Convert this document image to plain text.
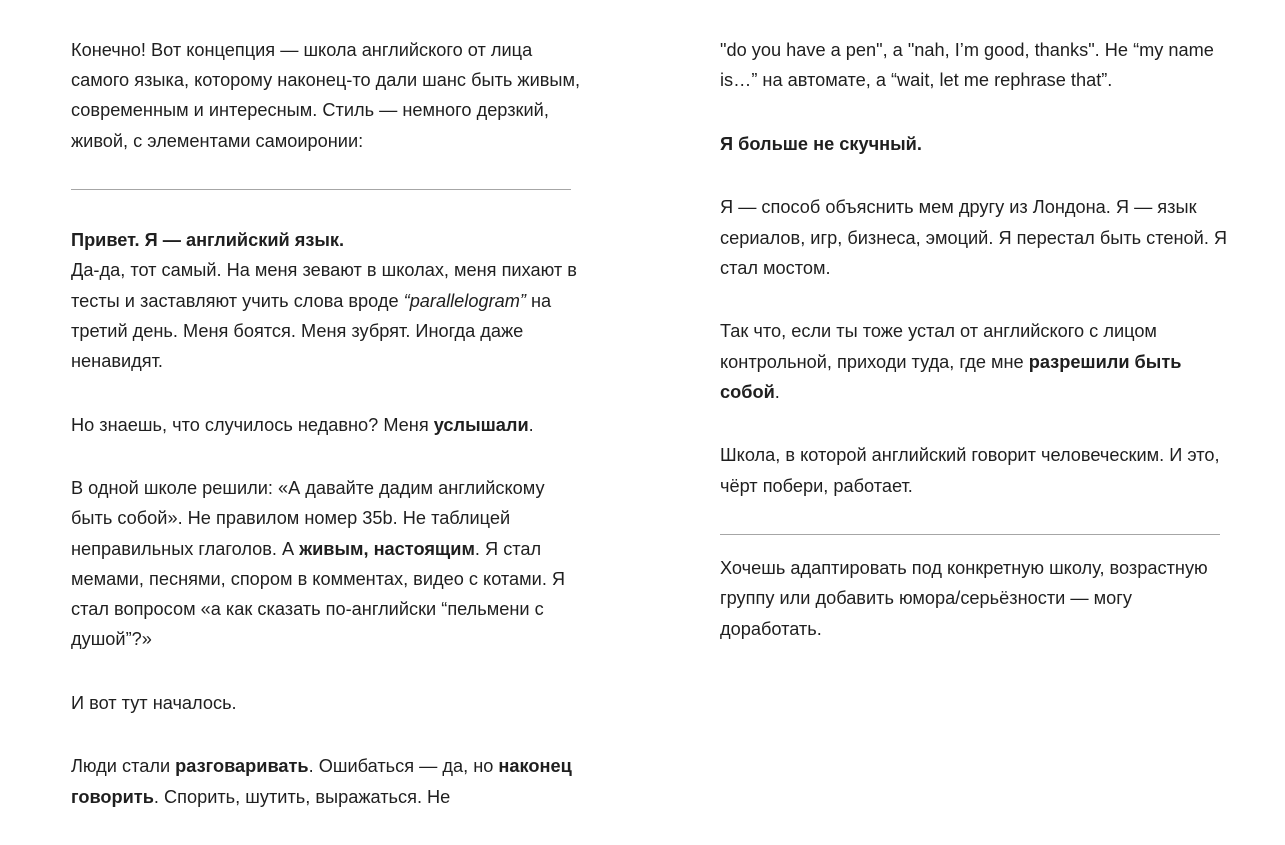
Конечно! Вот концепция — школа английского от лица самого языка, которому наконец-то дали шанс быть живым, современным и интересным. Стиль — немного дерзкий, живой, с элементами самоиронии:

Привет. Я — английский язык.

Да-да, тот самый. На меня зевают в школах, меня пихают в тесты и заставляют учить слова вроде “parallelogram” на третий день. Меня боятся. Меня зубрят. Иногда даже ненавидят.

Но знаешь, что случилось недавно? Меня услышали.

В одной школе решили: «А давайте дадим английскому быть собой». Не правилом номер 35b. Не таблицей неправильных глаголов. А живым, настоящим. Я стал мемами, песнями, спором в комментах, видео с котами. Я стал вопросом «а как сказать по-английски “пельмени с душой”?»

И вот тут началось.

Люди стали разговаривать. Ошибаться — да, но наконец говорить. Спорить, шутить, выражаться. Не

"do you have a pen", а "nah, I’m good, thanks". Не “my name is…” на автомате, а “wait, let me rephrase that”.

Я больше не скучный.

Я — способ объяснить мем другу из Лондона. Я — язык сериалов, игр, бизнеса, эмоций. Я перестал быть стеной. Я стал мостом.

Так что, если ты тоже устал от английского с лицом контрольной, приходи туда, где мне разрешили быть собой.

Школа, в которой английский говорит человеческим. И это, чёрт побери, работает.

Хочешь адаптировать под конкретную школу, возрастную группу или добавить юмора/серьёзности — могу доработать.
